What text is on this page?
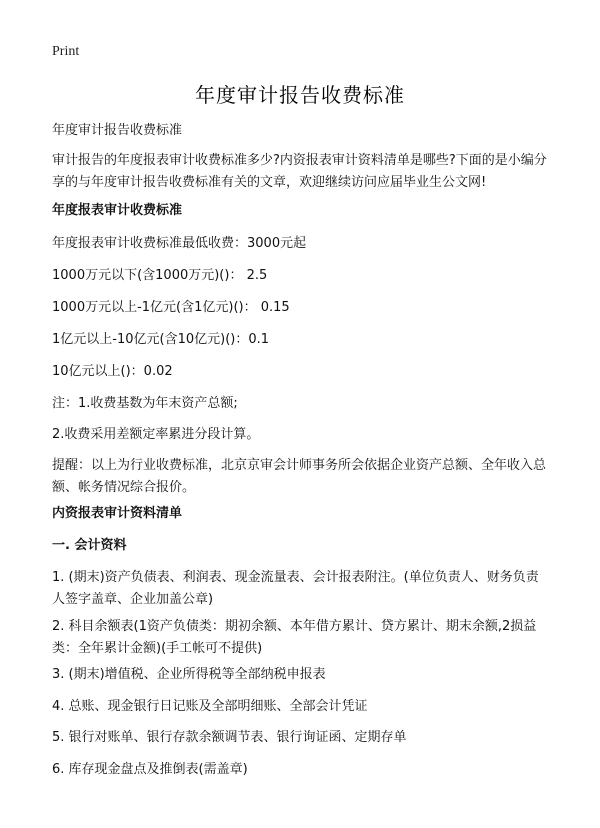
Print
年度审计报告收费标准

年度审计报告收费标准

审计报告的年度报表审计收费标准多少?内资报表审计资料清单是哪些?下面的是小编分享的与年度审计报告收费标准有关的文章，欢迎继续访问应届毕业生公文网!

年度报表审计收费标准

年度报表审计收费标准最低收费：3000元起

1000万元以下(含1000万元)()： 2.5

1000万元以上-1亿元(含1亿元)()： 0.15

1亿元以上-10亿元(含10亿元)()：0.1

10亿元以上()：0.02

注：1.收费基数为年末资产总额;

2.收费采用差额定率累进分段计算。

提醒：以上为行业收费标准，北京京审会计师事务所会依据企业资产总额、全年收入总额、帐务情况综合报价。

内资报表审计资料清单

一. 会计资料

1. (期末)资产负债表、利润表、现金流量表、会计报表附注。(单位负责人、财务负责人签字盖章、企业加盖公章)

2. 科目余额表(1资产负债类：期初余额、本年借方累计、贷方累计、期末余额,2损益类：全年累计金额)(手工帐可不提供)

3. (期末)增值税、企业所得税等全部纳税申报表

4. 总账、现金银行日记账及全部明细账、全部会计凭证

5. 银行对账单、银行存款余额调节表、银行询证函、定期存单

6. 库存现金盘点及推倒表(需盖章)
